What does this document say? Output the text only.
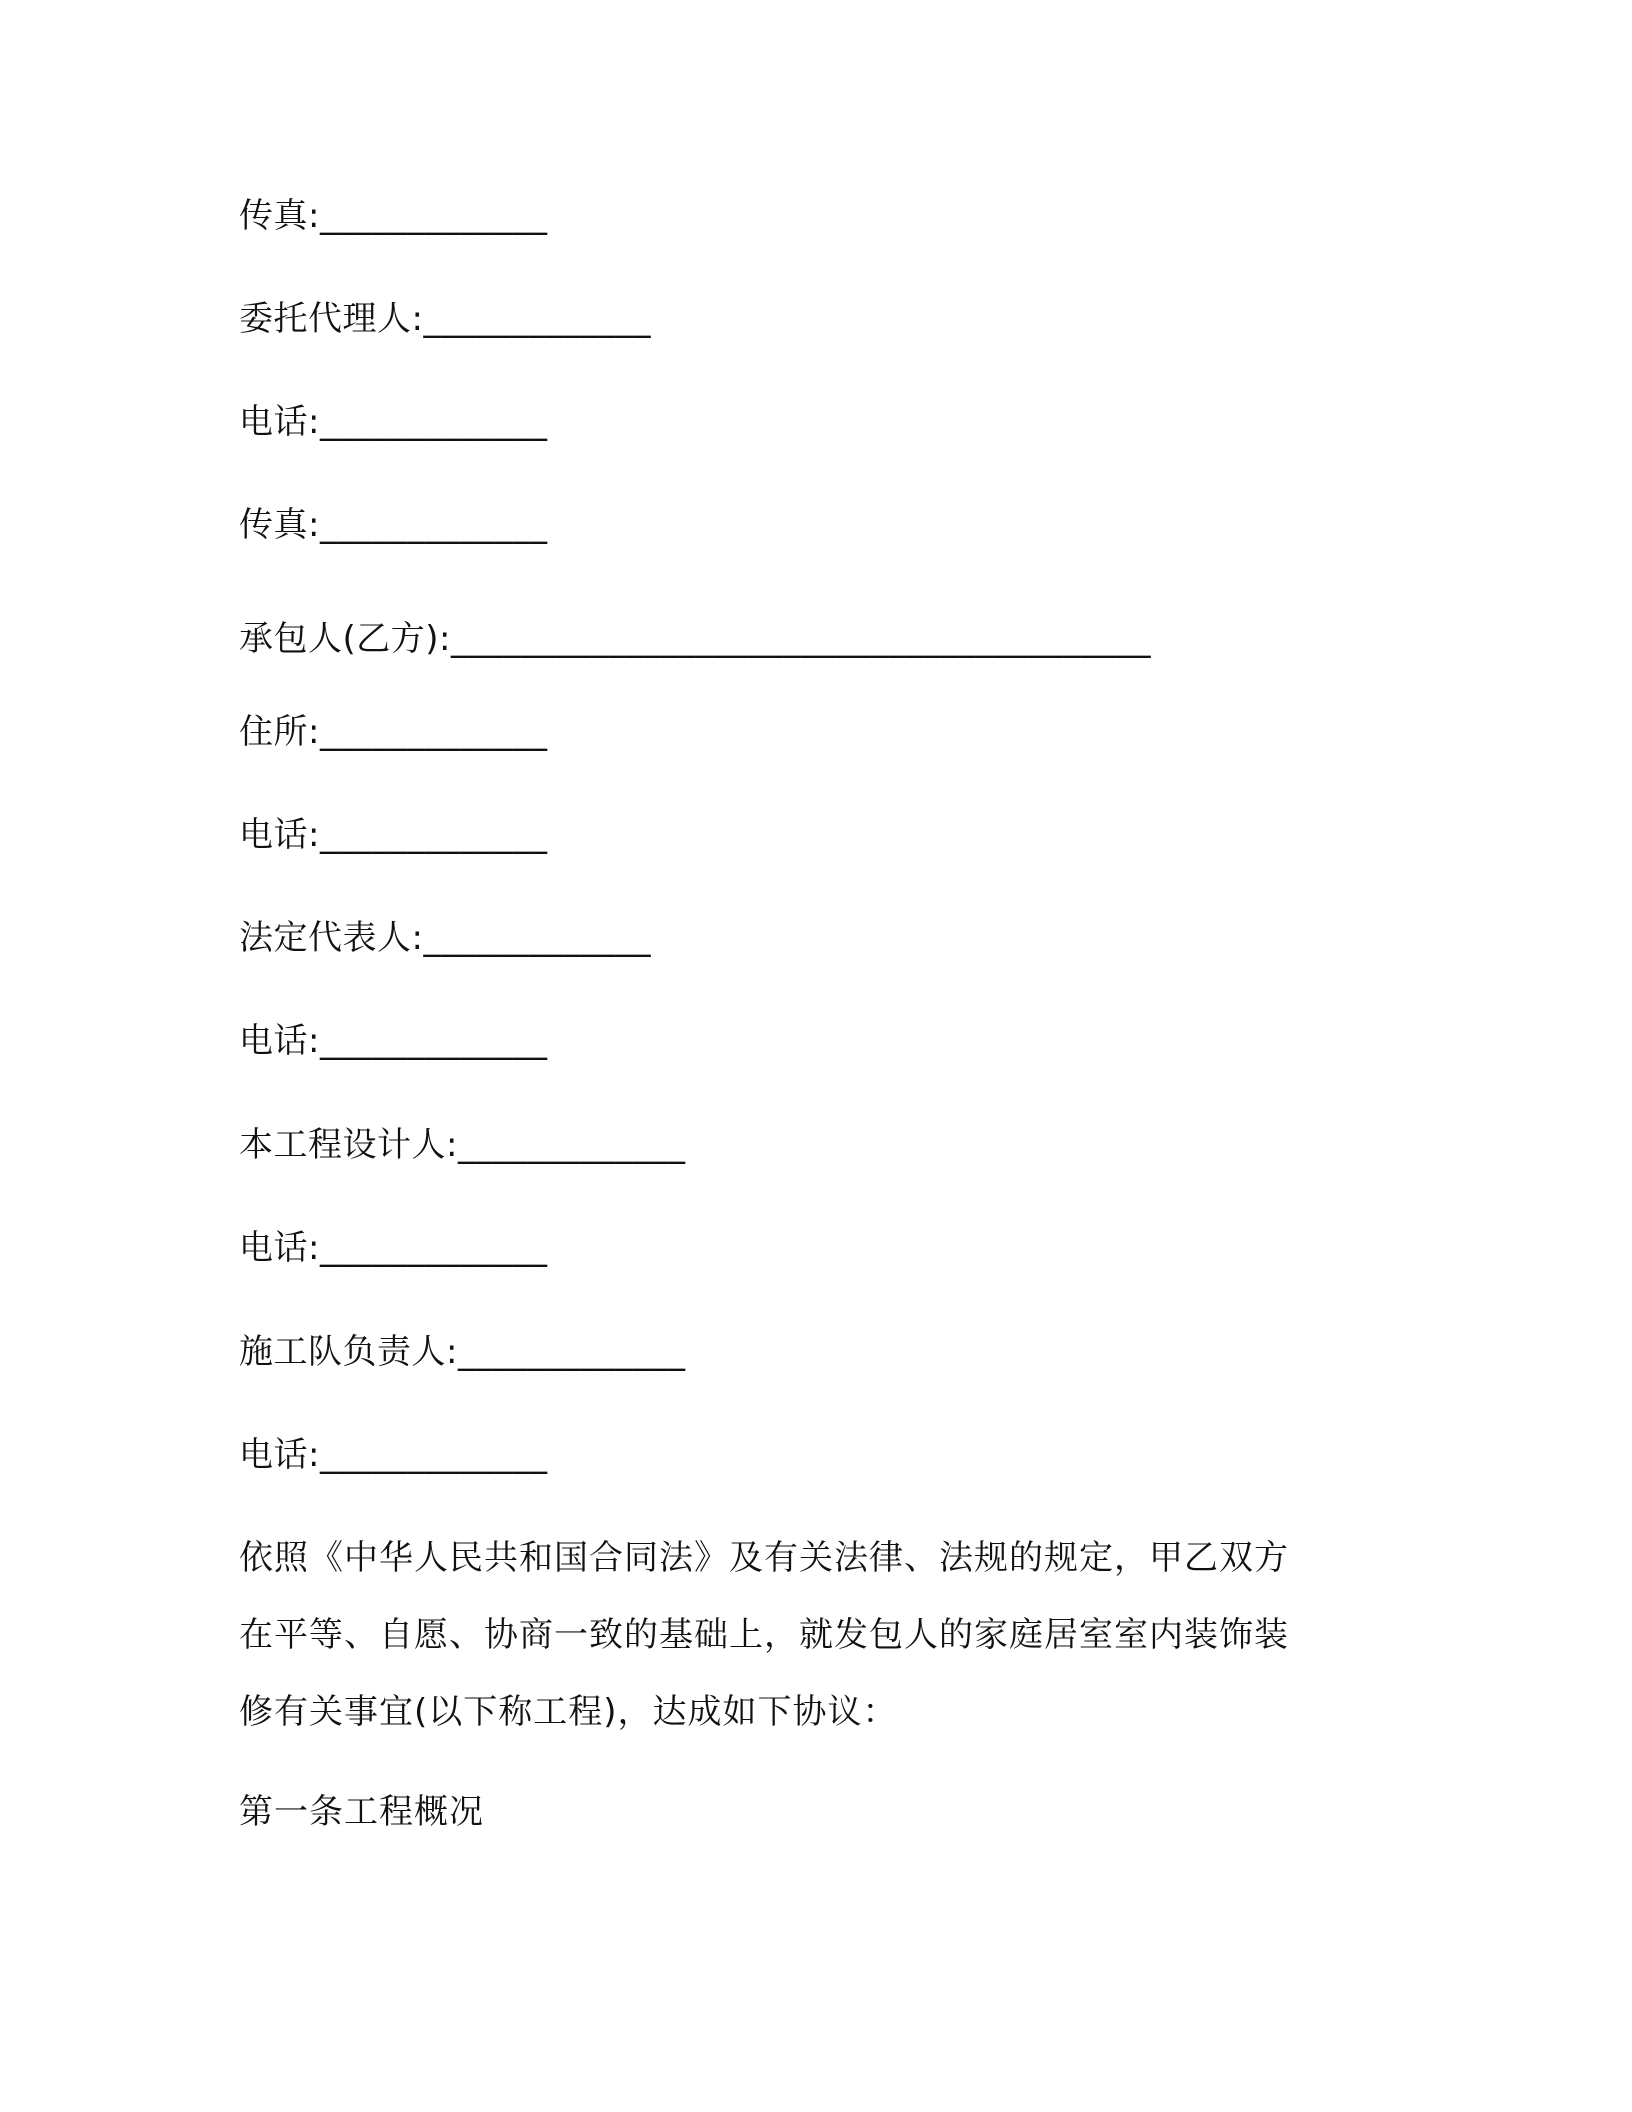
传真:_____________
委托代理人:_____________
电话:_____________
传真:_____________
承包人(乙方):________________________________________
住所:_____________
电话:_____________
法定代表人:_____________
电话:_____________
本工程设计人:_____________
电话:_____________
施工队负责人:_____________
电话:_____________

依照《中华人民共和国合同法》及有关法律、法规的规定，甲乙双方

在平等、自愿、协商一致的基础上，就发包人的家庭居室室内装饰装

修有关事宜(以下称工程)，达成如下协议：

第一条工程概况
